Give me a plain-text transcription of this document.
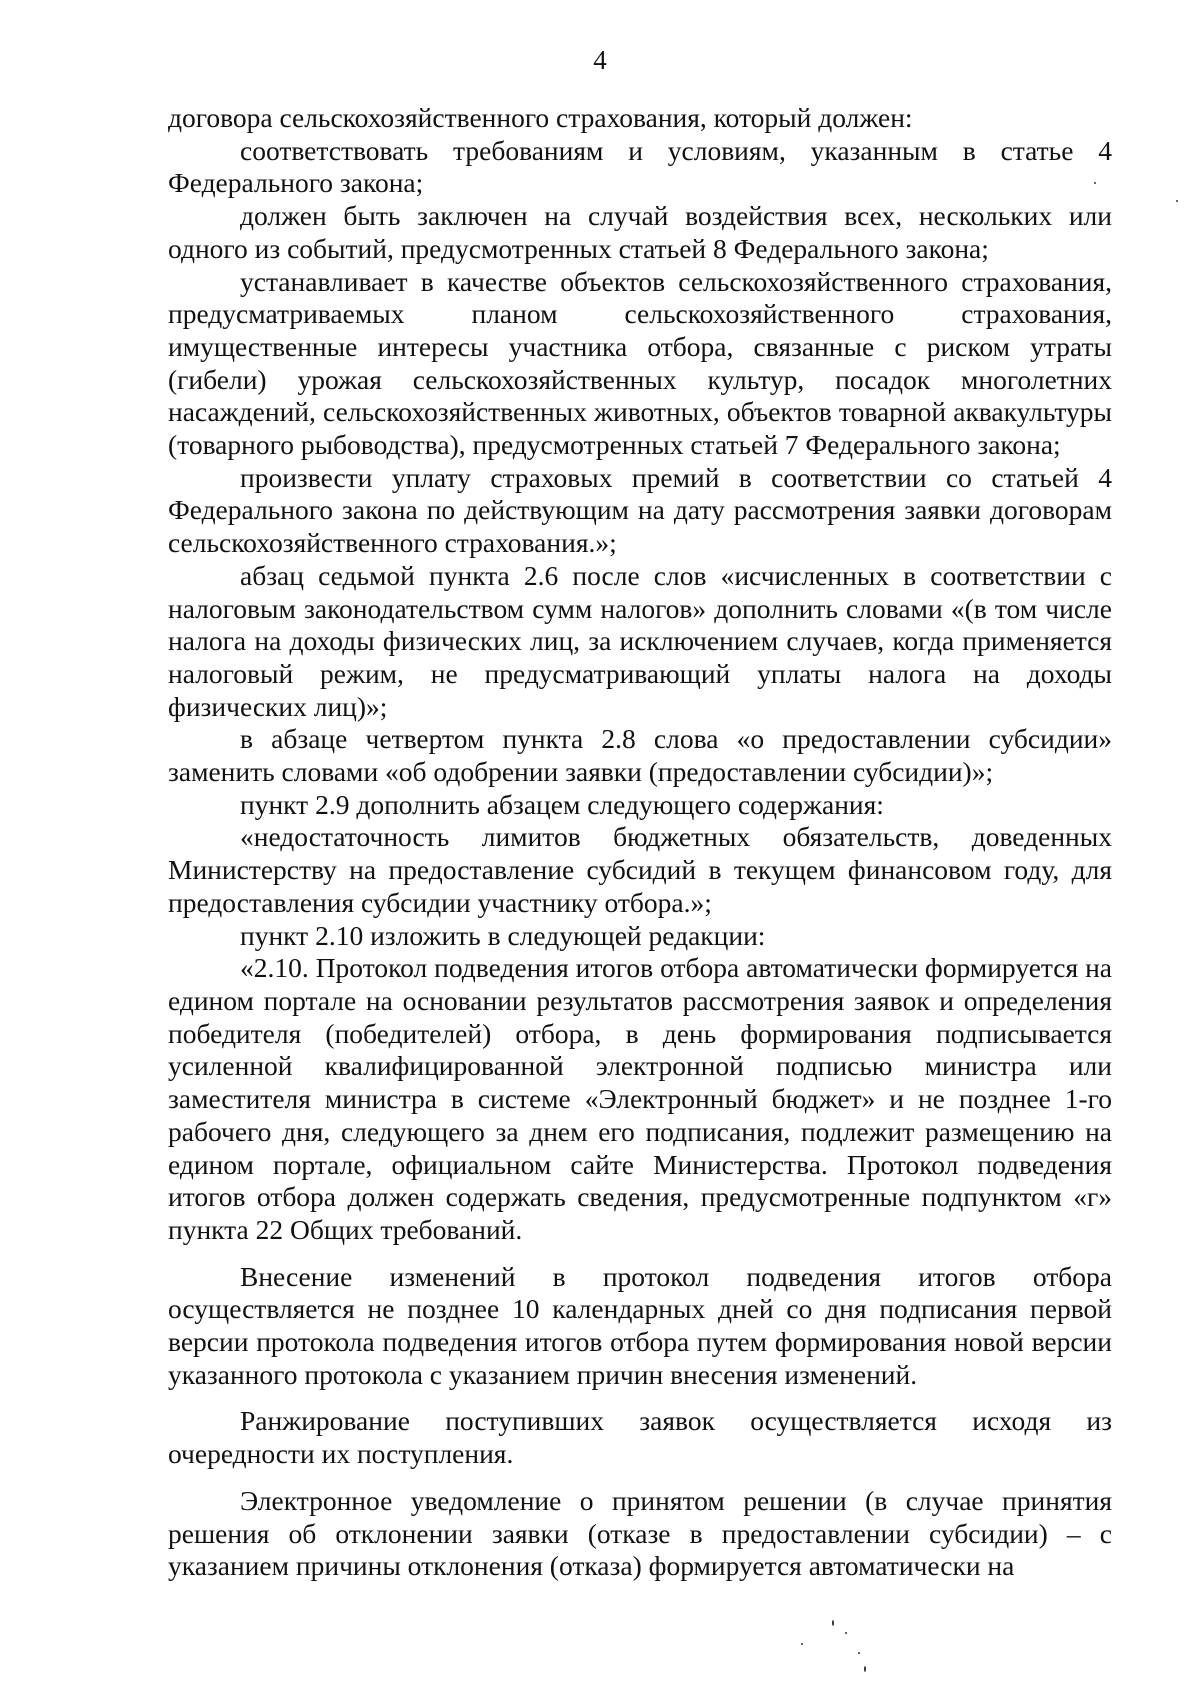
4

договора сельскохозяйственного страхования, который должен:

соответствовать требованиям и условиям, указанным в статье 4 Федерального закона;

должен быть заключен на случай воздействия всех, нескольких или одного из событий, предусмотренных статьей 8 Федерального закона;

устанавливает в качестве объектов сельскохозяйственного страхования, предусматриваемых планом сельскохозяйственного страхования, имущественные интересы участника отбора, связанные с риском утраты (гибели) урожая сельскохозяйственных культур, посадок многолетних насаждений, сельскохозяйственных животных, объектов товарной аквакультуры (товарного рыбоводства), предусмотренных статьей 7 Федерального закона;

произвести уплату страховых премий в соответствии со статьей 4 Федерального закона по действующим на дату рассмотрения заявки договорам сельскохозяйственного страхования.»;

абзац седьмой пункта 2.6 после слов «исчисленных в соответствии с налоговым законодательством сумм налогов» дополнить словами «(в том числе налога на доходы физических лиц, за исключением случаев, когда применяется налоговый режим, не предусматривающий уплаты налога на доходы физических лиц)»;

в абзаце четвертом пункта 2.8 слова «о предоставлении субсидии» заменить словами «об одобрении заявки (предоставлении субсидии)»;

пункт 2.9 дополнить абзацем следующего содержания:

«недостаточность лимитов бюджетных обязательств, доведенных Министерству на предоставление субсидий в текущем финансовом году, для предоставления субсидии участнику отбора.»;

пункт 2.10 изложить в следующей редакции:

«2.10. Протокол подведения итогов отбора автоматически формируется на едином портале на основании результатов рассмотрения заявок и определения победителя (победителей) отбора, в день формирования подписывается усиленной квалифицированной электронной подписью министра или заместителя министра в системе «Электронный бюджет» и не позднее 1-го рабочего дня, следующего за днем его подписания, подлежит размещению на едином портале, официальном сайте Министерства. Протокол подведения итогов отбора должен содержать сведения, предусмотренные подпунктом «г» пункта 22 Общих требований.

Внесение изменений в протокол подведения итогов отбора осуществляется не позднее 10 календарных дней со дня подписания первой версии протокола подведения итогов отбора путем формирования новой версии указанного протокола с указанием причин внесения изменений.

Ранжирование поступивших заявок осуществляется исходя из очередности их поступления.

Электронное уведомление о принятом решении (в случае принятия решения об отклонении заявки (отказе в предоставлении субсидии) – с указанием причины отклонения (отказа) формируется автоматически на
